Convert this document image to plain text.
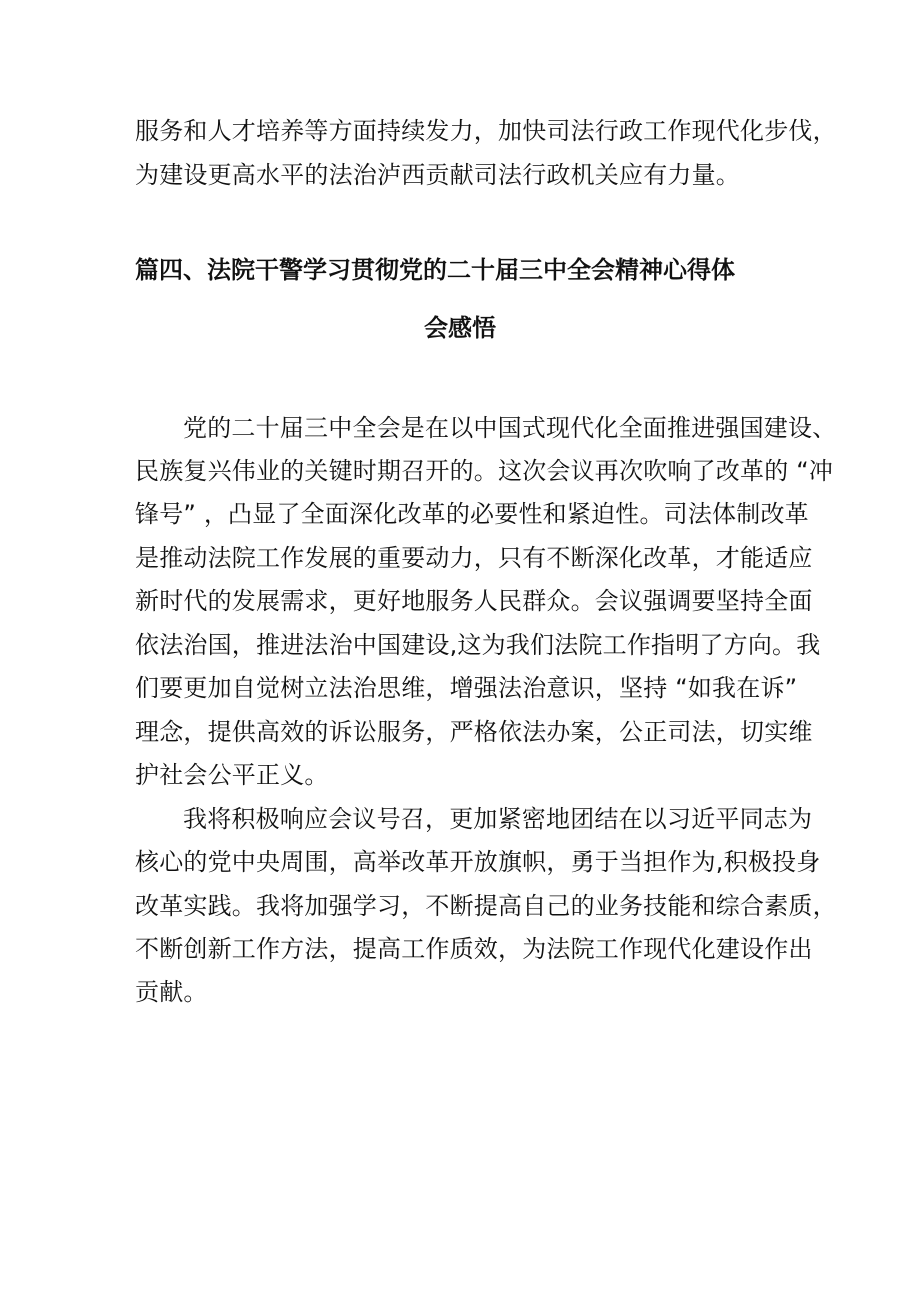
服务和人才培养等方面持续发力，加快司法行政工作现代化步伐，
为建设更高水平的法治泸西贡献司法行政机关应有力量。
篇四、法院干警学习贯彻党的二十届三中全会精神心得体
会感悟
党的二十届三中全会是在以中国式现代化全面推进强国建设、
民族复兴伟业的关键时期召开的。这次会议再次吹响了改革的 “冲
锋号” ，凸显了全面深化改革的必要性和紧迫性。司法体制改革
是推动法院工作发展的重要动力，只有不断深化改革，才能适应
新时代的发展需求，更好地服务人民群众。会议强调要坚持全面
依法治国，推进法治中国建设,这为我们法院工作指明了方向。我
们要更加自觉树立法治思维，增强法治意识，坚持 “如我在诉”
理念，提供高效的诉讼服务，严格依法办案，公正司法，切实维
护社会公平正义。
我将积极响应会议号召，更加紧密地团结在以习近平同志为
核心的党中央周围，高举改革开放旗帜，勇于当担作为,积极投身
改革实践。我将加强学习，不断提高自己的业务技能和综合素质，
不断创新工作方法，提高工作质效，为法院工作现代化建设作出
贡献。
